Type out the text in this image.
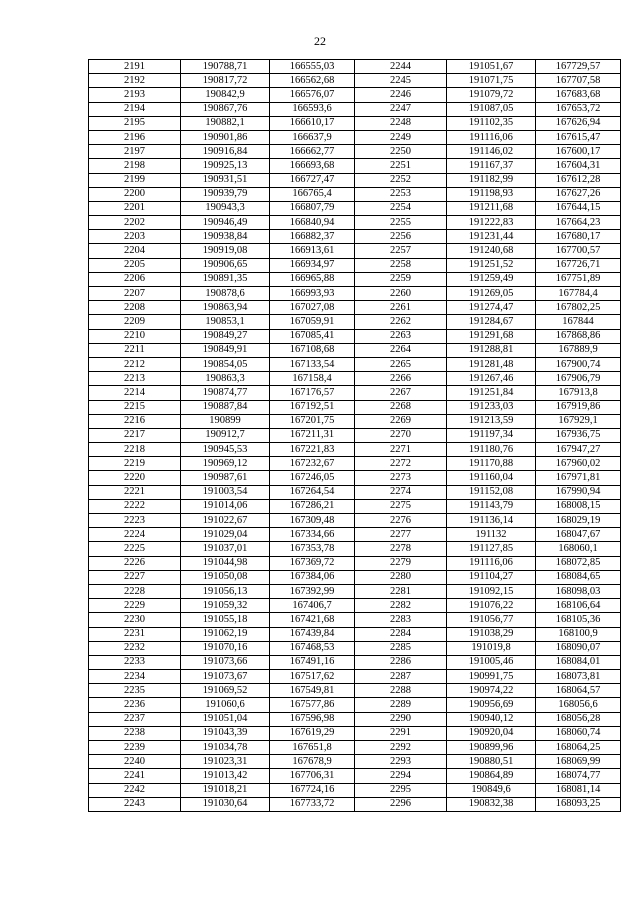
22
2191	190788,71	166555,03	2244	191051,67	167729,57
2192	190817,72	166562,68	2245	191071,75	167707,58
2193	190842,9	166576,07	2246	191079,72	167683,68
2194	190867,76	166593,6	2247	191087,05	167653,72
2195	190882,1	166610,17	2248	191102,35	167626,94
2196	190901,86	166637,9	2249	191116,06	167615,47
2197	190916,84	166662,77	2250	191146,02	167600,17
2198	190925,13	166693,68	2251	191167,37	167604,31
2199	190931,51	166727,47	2252	191182,99	167612,28
2200	190939,79	166765,4	2253	191198,93	167627,26
2201	190943,3	166807,79	2254	191211,68	167644,15
2202	190946,49	166840,94	2255	191222,83	167664,23
2203	190938,84	166882,37	2256	191231,44	167680,17
2204	190919,08	166913,61	2257	191240,68	167700,57
2205	190906,65	166934,97	2258	191251,52	167726,71
2206	190891,35	166965,88	2259	191259,49	167751,89
2207	190878,6	166993,93	2260	191269,05	167784,4
2208	190863,94	167027,08	2261	191274,47	167802,25
2209	190853,1	167059,91	2262	191284,67	167844
2210	190849,27	167085,41	2263	191291,68	167868,86
2211	190849,91	167108,68	2264	191288,81	167889,9
2212	190854,05	167133,54	2265	191281,48	167900,74
2213	190863,3	167158,4	2266	191267,46	167906,79
2214	190874,77	167176,57	2267	191251,84	167913,8
2215	190887,84	167192,51	2268	191233,03	167919,86
2216	190899	167201,75	2269	191213,59	167929,1
2217	190912,7	167211,31	2270	191197,34	167936,75
2218	190945,53	167221,83	2271	191180,76	167947,27
2219	190969,12	167232,67	2272	191170,88	167960,02
2220	190987,61	167246,05	2273	191160,04	167971,81
2221	191003,54	167264,54	2274	191152,08	167990,94
2222	191014,06	167286,21	2275	191143,79	168008,15
2223	191022,67	167309,48	2276	191136,14	168029,19
2224	191029,04	167334,66	2277	191132	168047,67
2225	191037,01	167353,78	2278	191127,85	168060,1
2226	191044,98	167369,72	2279	191116,06	168072,85
2227	191050,08	167384,06	2280	191104,27	168084,65
2228	191056,13	167392,99	2281	191092,15	168098,03
2229	191059,32	167406,7	2282	191076,22	168106,64
2230	191055,18	167421,68	2283	191056,77	168105,36
2231	191062,19	167439,84	2284	191038,29	168100,9
2232	191070,16	167468,53	2285	191019,8	168090,07
2233	191073,66	167491,16	2286	191005,46	168084,01
2234	191073,67	167517,62	2287	190991,75	168073,81
2235	191069,52	167549,81	2288	190974,22	168064,57
2236	191060,6	167577,86	2289	190956,69	168056,6
2237	191051,04	167596,98	2290	190940,12	168056,28
2238	191043,39	167619,29	2291	190920,04	168060,74
2239	191034,78	167651,8	2292	190899,96	168064,25
2240	191023,31	167678,9	2293	190880,51	168069,99
2241	191013,42	167706,31	2294	190864,89	168074,77
2242	191018,21	167724,16	2295	190849,6	168081,14
2243	191030,64	167733,72	2296	190832,38	168093,25
